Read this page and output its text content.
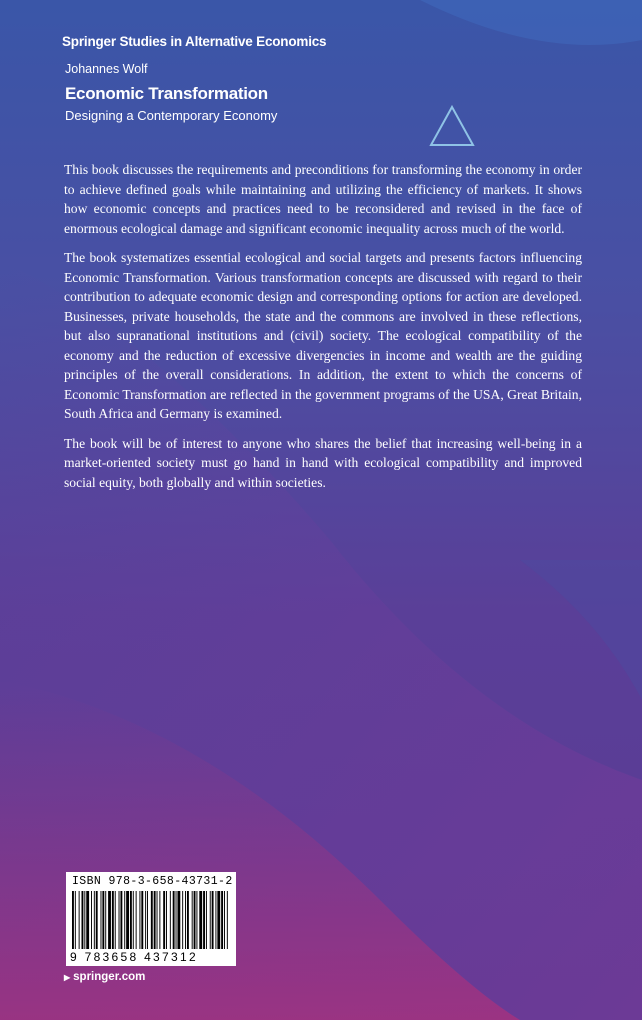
Springer Studies in Alternative Economics
Johannes Wolf
Economic Transformation
Designing a Contemporary Economy

This book discusses the requirements and preconditions for transforming the economy in order to achieve defined goals while maintaining and utilizing the efficiency of markets. It shows how economic concepts and practices need to be reconsidered and revised in the face of enormous ecological damage and significant economic inequality across much of the world.

The book systematizes essential ecological and social targets and presents factors influencing Economic Transformation. Various transformation concepts are discussed with regard to their contribution to adequate economic design and corresponding options for action are developed. Businesses, private households, the state and the commons are involved in these reflections, but also supranational institutions and (civil) society. The ecological compatibility of the economy and the reduction of excessive divergencies in income and wealth are the guiding principles of the overall considerations. In addition, the extent to which the concerns of Economic Transformation are reflected in the government programs of the USA, Great Britain, South Africa and Germany is examined.

The book will be of interest to anyone who shares the belief that increasing well-being in a market-oriented society must go hand in hand with ecological compatibility and improved social equity, both globally and within societies.

ISBN 978-3-658-43731-2
9 783658 437312
▶ springer.com
